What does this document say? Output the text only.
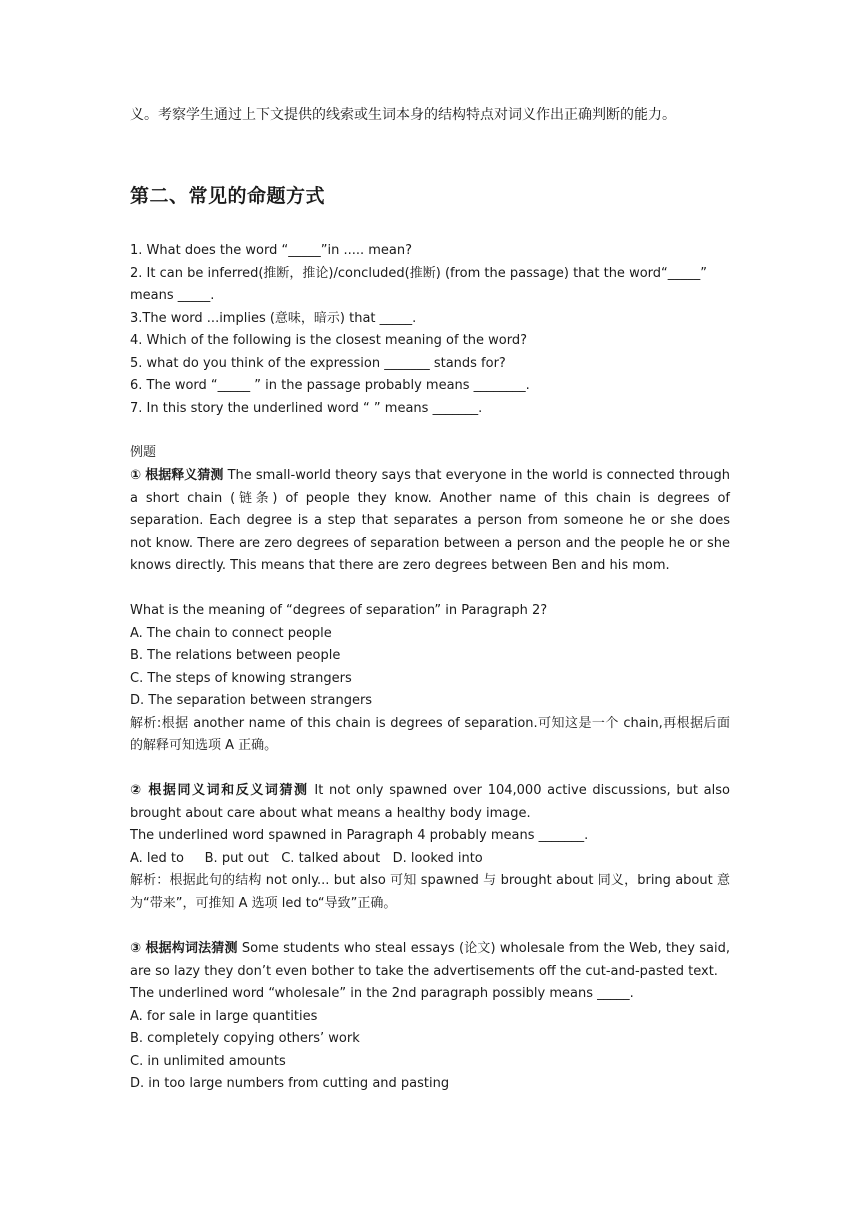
义。考察学生通过上下文提供的线索或生词本身的结构特点对词义作出正确判断的能力。
第二、常见的命题方式
1. What does the word “_____”in ..... mean?
2. It can be inferred(推断，推论)/concluded(推断) (from the passage) that the word“_____”
means _____.
3.The word ...implies (意味，暗示) that _____.
4. Which of the following is the closest meaning of the word?
5. what do you think of the expression _______ stands for?
6. The word “_____ ” in the passage probably means ________.
7. In this story the underlined word “ ” means _______.
例题
① 根据释义猜测 The small-world theory says that everyone in the world is connected through a short chain (链条) of people they know. Another name of this chain is degrees of separation. Each degree is a step that separates a person from someone he or she does not know. There are zero degrees of separation between a person and the people he or she knows directly. This means that there are zero degrees between Ben and his mom.
What is the meaning of “degrees of separation” in Paragraph 2?
A. The chain to connect people
B. The relations between people
C. The steps of knowing strangers
D. The separation between strangers
解析:根据 another name of this chain is degrees of separation.可知这是一个 chain,再根据后面的解释可知选项 A 正确。
② 根据同义词和反义词猜测 It not only spawned over 104,000 active discussions, but also brought about care about what means a healthy body image.
The underlined word spawned in Paragraph 4 probably means _______.
A. led to     B. put out   C. talked about   D. looked into
解析：根据此句的结构 not only... but also 可知 spawned 与 brought about 同义，bring about 意为“带来”，可推知 A 选项 led to“导致”正确。
③ 根据构词法猜测 Some students who steal essays (论文) wholesale from the Web, they said, are so lazy they don’t even bother to take the advertisements off the cut-and-pasted text.
The underlined word “wholesale” in the 2nd paragraph possibly means _____.
A. for sale in large quantities
B. completely copying others’ work
C. in unlimited amounts
D. in too large numbers from cutting and pasting
